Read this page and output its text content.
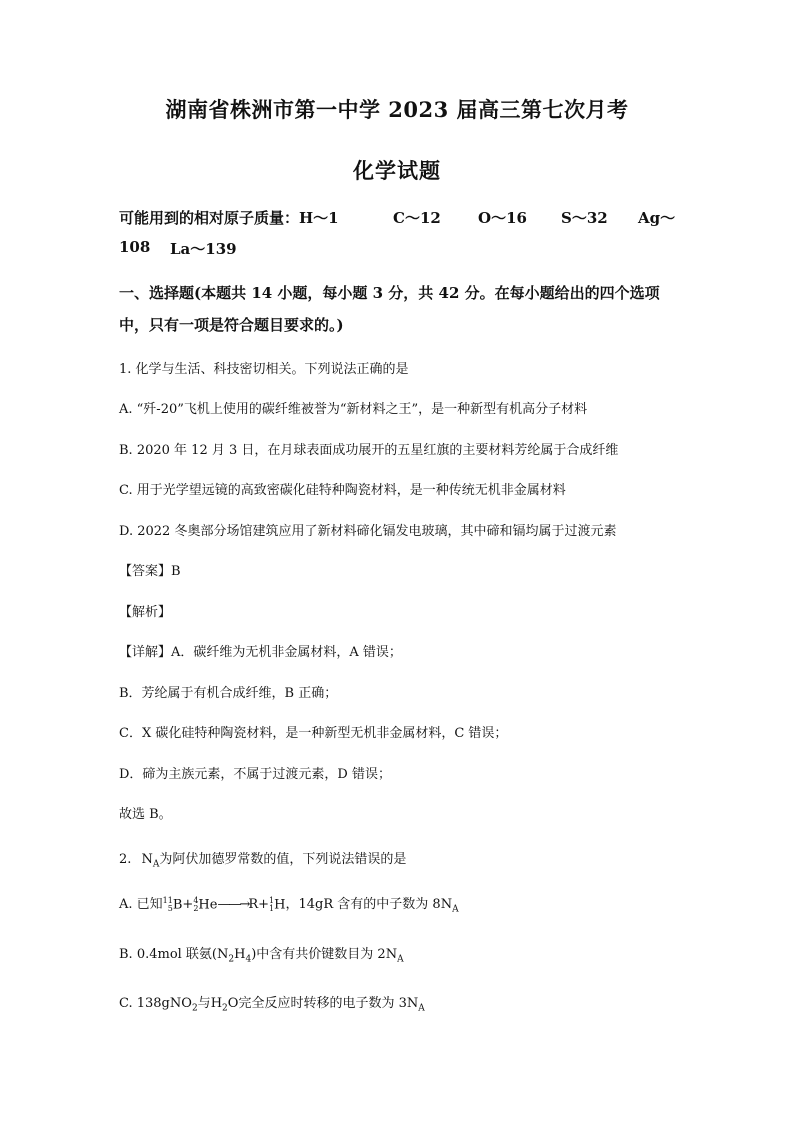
湖南省株洲市第一中学 2023 届高三第七次月考
化学试题
可能用到的相对原子质量：H～1	C～12 O～16 S～32 Ag～
108 La～139
一、选择题(本题共 14 小题，每小题 3 分，共 42 分。在每小题给出的四个选项
中，只有一项是符合题目要求的。)
1. 化学与生活、科技密切相关。下列说法正确的是
A. “歼-20”飞机上使用的碳纤维被誉为“新材料之王”，是一种新型有机高分子材料
B. 2020 年 12 月 3 日，在月球表面成功展开的五星红旗的主要材料芳纶属于合成纤维
C. 用于光学望远镜的高致密碳化硅特种陶瓷材料，是一种传统无机非金属材料
D. 2022 冬奥部分场馆建筑应用了新材料碲化镉发电玻璃，其中碲和镉均属于过渡元素
【答案】B
【解析】
【详解】A．碳纤维为无机非金属材料，A 错误；
B．芳纶属于有机合成纤维，B 正确；
C．X 碳化硅特种陶瓷材料，是一种新型无机非金属材料，C 错误；
D．碲为主族元素，不属于过渡元素，D 错误；
故选 B。
2. $N_A$为阿伏加德罗常数的值，下列说法错误的是
A. 已知11
5B+4
2He——→R+1
1H，14gR 含有的中子数为 $8N_A$
B. 0.4mol 联氨$(N_2H_4)$中含有共价键数目为 $2N_A$
C. 138gNO$_2$与$H_2O$完全反应时转移的电子数为 $3N_A$
